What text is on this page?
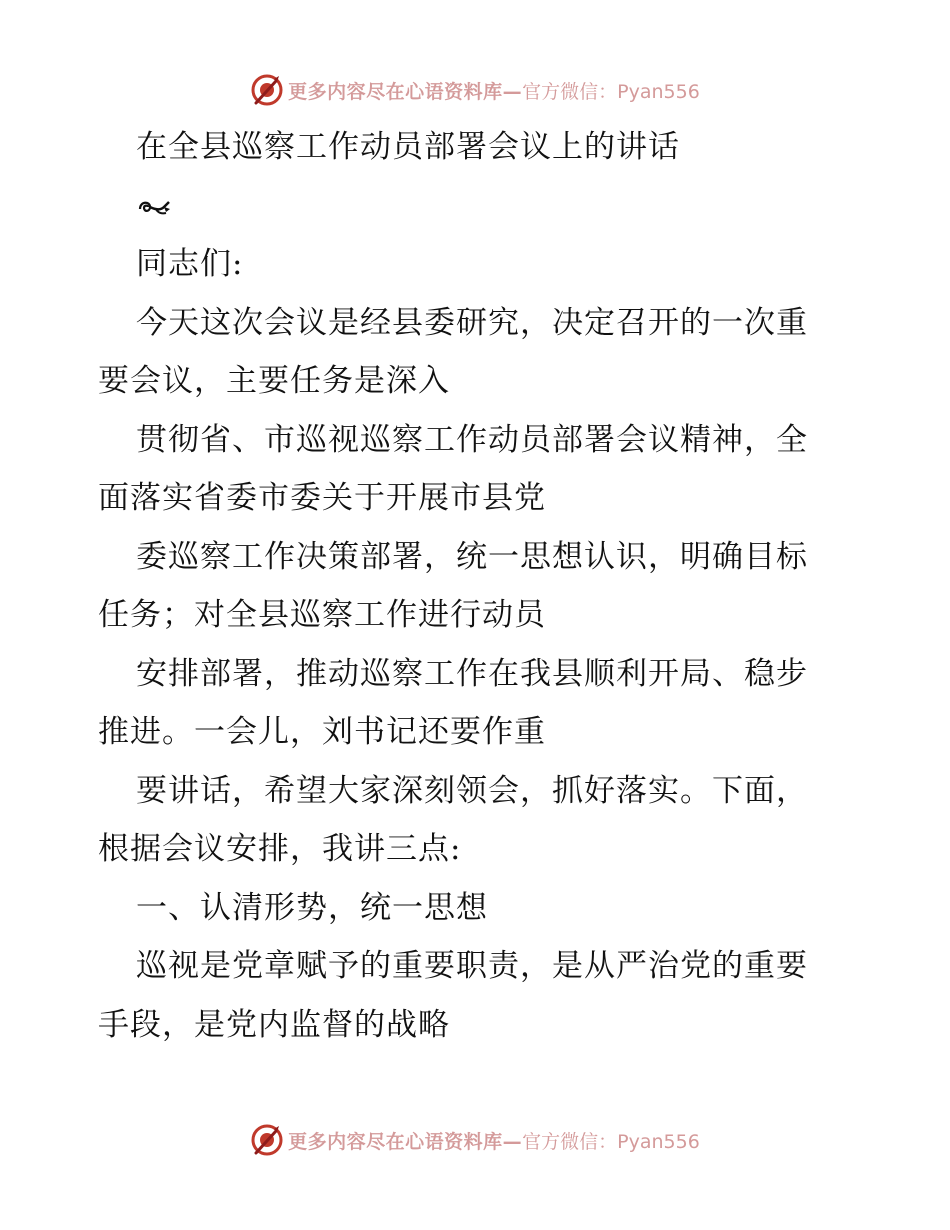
更多内容尽在心语资料库— 官方微信：Pyan556
在全县巡察工作动员部署会议上的讲话
同志们:
今天这次会议是经县委研究，决定召开的一次重
要会议，主要任务是深入
贯彻省、市巡视巡察工作动员部署会议精神，全
面落实省委市委关于开展市县党
委巡察工作决策部署，统一思想认识，明确目标
任务；对全县巡察工作进行动员
安排部署，推动巡察工作在我县顺利开局、稳步
推进。一会儿，刘书记还要作重
要讲话，希望大家深刻领会，抓好落实。下面，
根据会议安排，我讲三点:
一、认清形势，统一思想
巡视是党章赋予的重要职责，是从严治党的重要
手段，是党内监督的战略
更多内容尽在心语资料库— 官方微信：Pyan556
